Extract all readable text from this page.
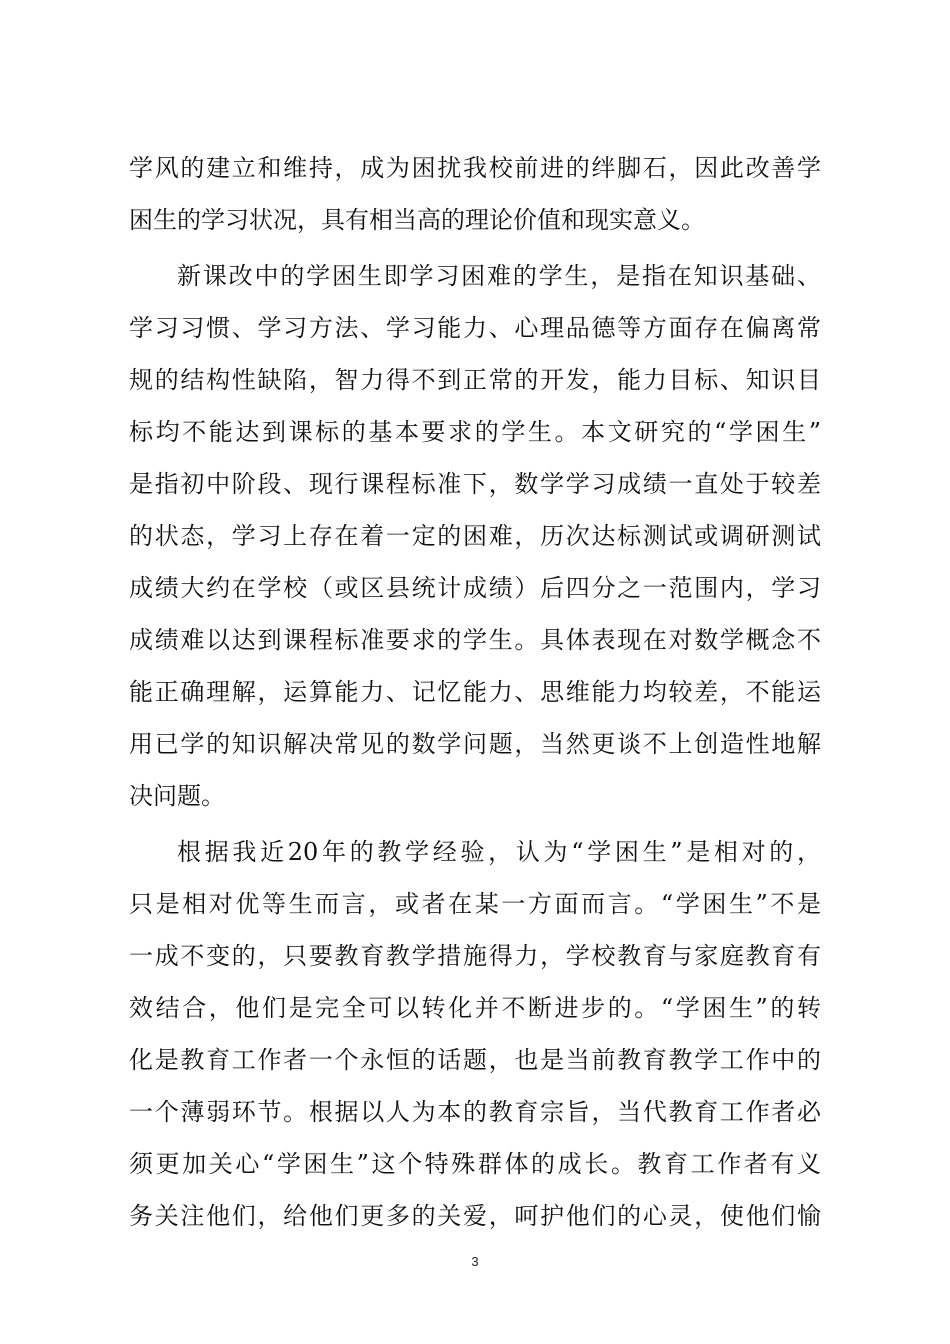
学风的建立和维持，成为困扰我校前进的绊脚石，因此改善学
困生的学习状况，具有相当高的理论价值和现实意义。
新课改中的学困生即学习困难的学生，是指在知识基础、
学习习惯、学习方法、学习能力、心理品德等方面存在偏离常
规的结构性缺陷，智力得不到正常的开发，能力目标、知识目
标均不能达到课标的基本要求的学生。本文研究的“学困生”
是指初中阶段、现行课程标准下，数学学习成绩一直处于较差
的状态，学习上存在着一定的困难，历次达标测试或调研测试
成绩大约在学校（或区县统计成绩）后四分之一范围内，学习
成绩难以达到课程标准要求的学生。具体表现在对数学概念不
能正确理解，运算能力、记忆能力、思维能力均较差，不能运
用已学的知识解决常见的数学问题，当然更谈不上创造性地解
决问题。
根据我近20年的教学经验，认为“学困生”是相对的，
只是相对优等生而言，或者在某一方面而言。“学困生”不是
一成不变的，只要教育教学措施得力，学校教育与家庭教育有
效结合，他们是完全可以转化并不断进步的。“学困生”的转
化是教育工作者一个永恒的话题，也是当前教育教学工作中的
一个薄弱环节。根据以人为本的教育宗旨，当代教育工作者必
须更加关心“学困生”这个特殊群体的成长。教育工作者有义
务关注他们，给他们更多的关爱，呵护他们的心灵，使他们愉
3
